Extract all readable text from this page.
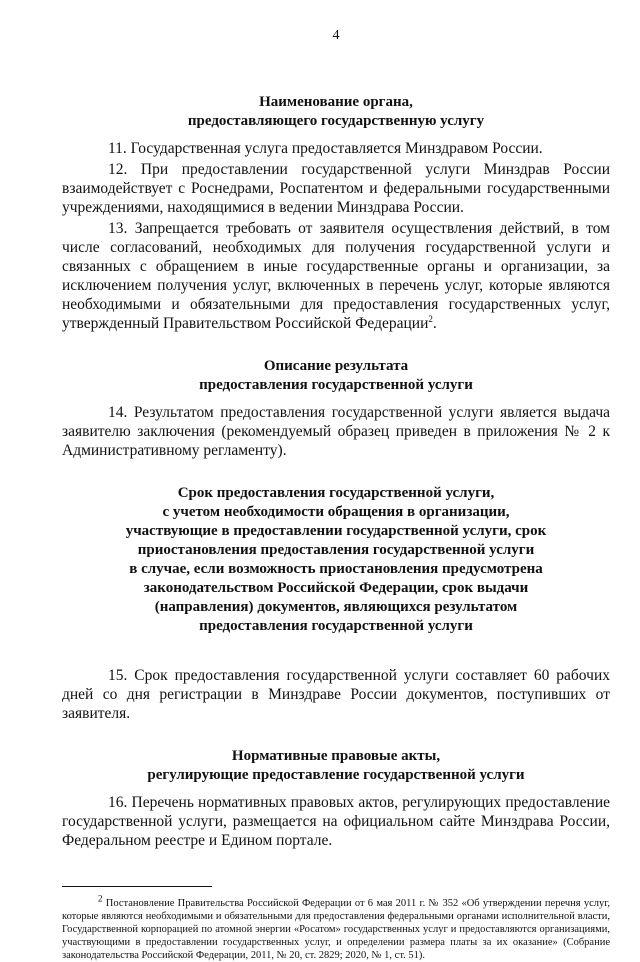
4
Наименование органа,
предоставляющего государственную услугу

11. Государственная услуга предоставляется Минздравом России.

12. При предоставлении государственной услуги Минздрав России взаимодействует с Роснедрами, Роспатентом и федеральными государственными учреждениями, находящимися в ведении Минздрава России.

13. Запрещается требовать от заявителя осуществления действий, в том числе согласований, необходимых для получения государственной услуги и связанных с обращением в иные государственные органы и организации, за исключением получения услуг, включенных в перечень услуг, которые являются необходимыми и обязательными для предоставления государственных услуг, утвержденный Правительством Российской Федерации$^2$.

Описание результата
предоставления государственной услуги

14. Результатом предоставления государственной услуги является выдача заявителю заключения (рекомендуемый образец приведен в приложения № 2 к Административному регламенту).

Срок предоставления государственной услуги,
с учетом необходимости обращения в организации,
участвующие в предоставлении государственной услуги, срок
приостановления предоставления государственной услуги
в случае, если возможность приостановления предусмотрена
законодательством Российской Федерации, срок выдачи
(направления) документов, являющихся результатом
предоставления государственной услуги

15. Срок предоставления государственной услуги составляет 60 рабочих дней со дня регистрации в Минздраве России документов, поступивших от заявителя.

Нормативные правовые акты,
регулирующие предоставление государственной услуги

16. Перечень нормативных правовых актов, регулирующих предоставление государственной услуги, размещается на официальном сайте Минздрава России, Федеральном реестре и Едином портале.

$^2$ Постановление Правительства Российской Федерации от 6 мая 2011 г. № 352 «Об утверждении перечня услуг, которые являются необходимыми и обязательными для предоставления федеральными органами исполнительной власти, Государственной корпорацией по атомной энергии «Росатом» государственных услуг и предоставляются организациями, участвующими в предоставлении государственных услуг, и определении размера платы за их оказание» (Собрание законодательства Российской Федерации, 2011, № 20, ст. 2829; 2020, № 1, ст. 51).
